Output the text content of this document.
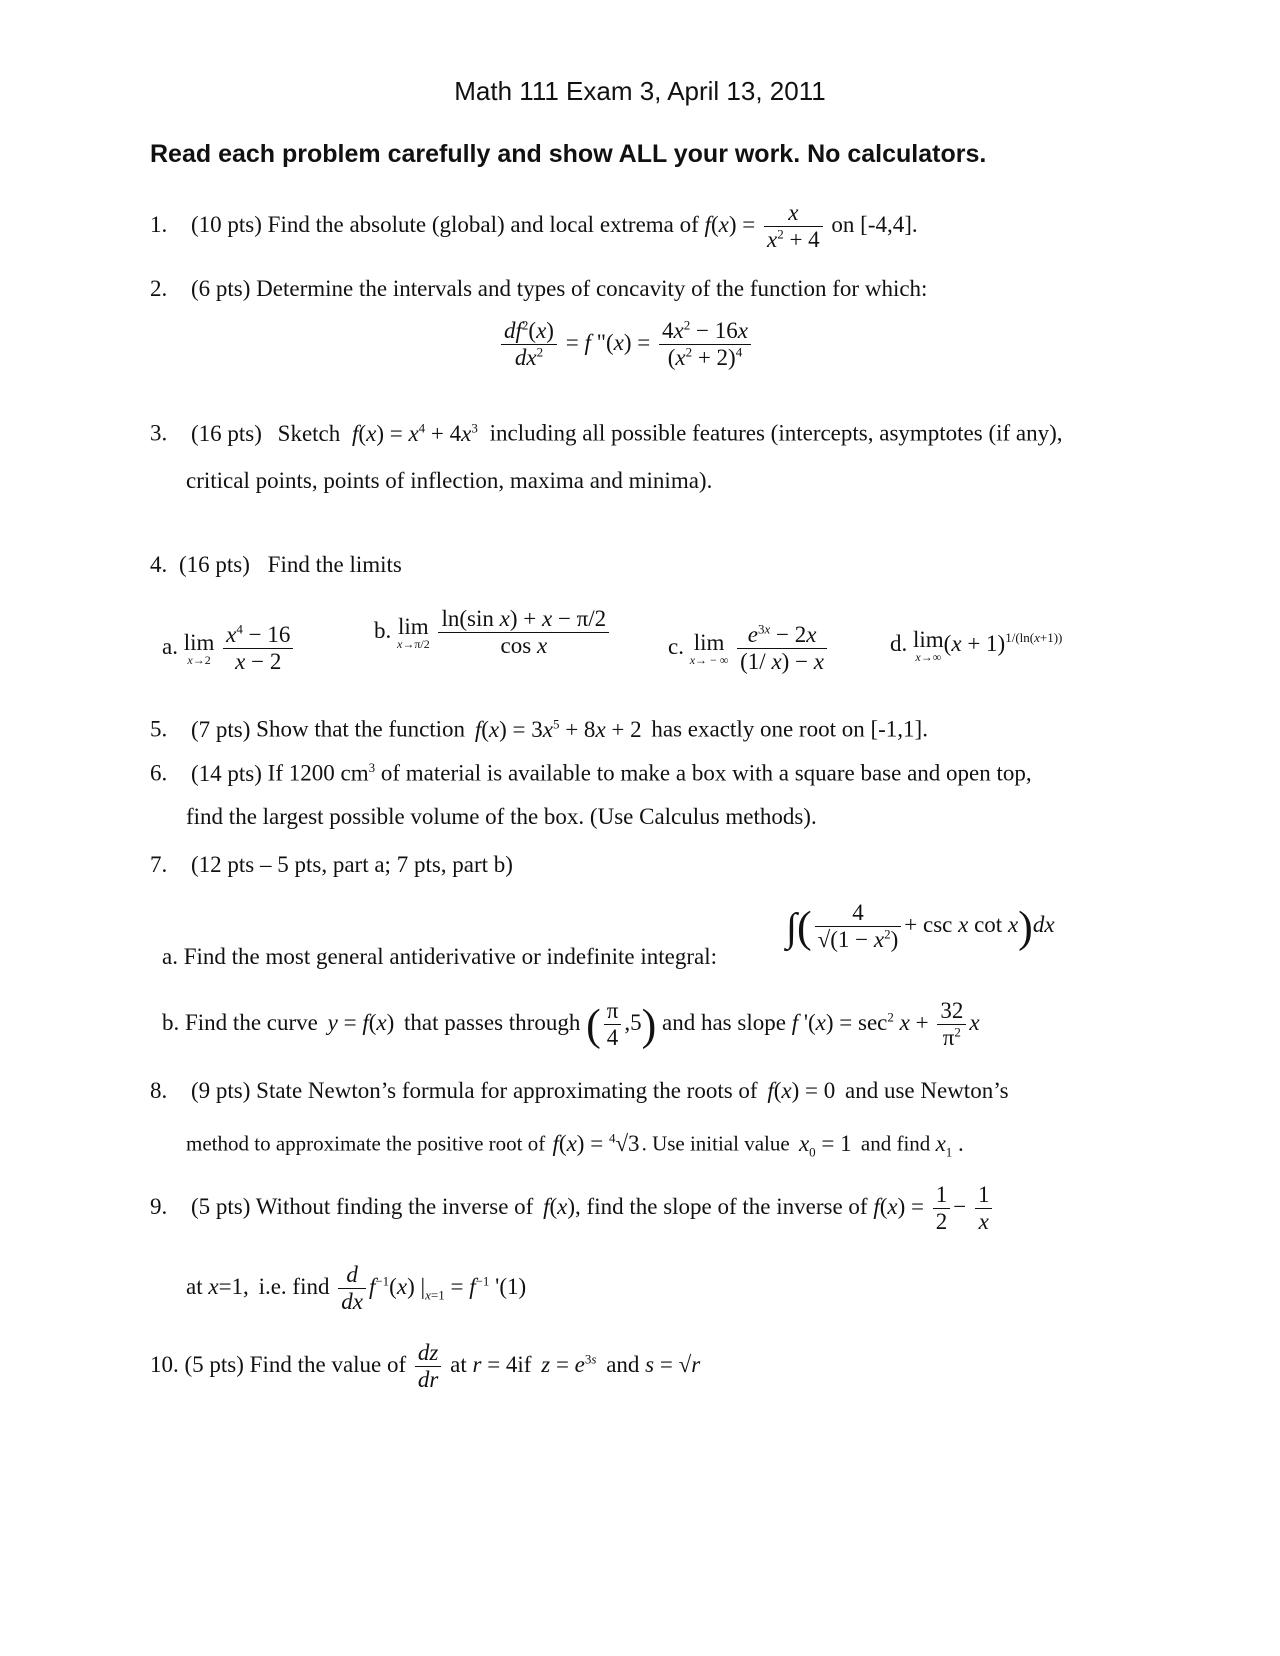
Math 111 Exam 3, April 13, 2011
Read each problem carefully and show ALL your work. No calculators.
1. (10 pts) Find the absolute (global) and local extrema of $f(x) = \frac{x}{x^2 + 4}$ on [-4,4].
2. (6 pts) Determine the intervals and types of concavity of the function for which:
$\frac{df^2(x)}{dx^2} = f$ "$(x) = \frac{4x^2 - 16x}{(x^2 + 2)^4}$
3. (16 pts) Sketch $f(x) = x^4 + 4x^3$ including all possible features (intercepts, asymptotes (if any),
critical points, points of inflection, maxima and minima).
4. (16 pts) Find the limits
a. lim
x→2
$\frac{x^4 - 16}{x - 2}$	b. lim
x→π/2
$\frac{\text{ln(sin x) + x − π/2}}{\text{cos x}}$	c. lim
x→ − ∞
$\frac{e^{3x} - 2x}{(1/ x) - x}$	d. lim
x→∞
$(x + 1)^{1/(ln(x+1))}$
5. (7 pts) Show that the function $f(x) = 3x^5 + 8x + 2$ has exactly one root on [-1,1].
6. (14 pts) If 1200 $cm^3$ of material is available to make a box with a square base and open top,
find the largest possible volume of the box. (Use Calculus methods).
7. (12 pts – 5 pts, part a; 7 pts, part b)
∫( $\frac{4}{√(1 - x^2)} + \csc x$ cot x)dx
a. Find the most general antiderivative or indefinite integral:
b. Find the curve y = f(x) that passes through ( $\frac{\pi}{4} ,5$) and has slope f '$(x) = \sec^2 x + \frac{32}{\pi^2}$ x
8. (9 pts) State Newton’s formula for approximating the roots of f(x) = 0 and use Newton’s
method to approximate the positive root of f(x) = $^4$√3. Use initial value $x_0 = 1$ and find $x_1$ .
9. (5 pts) Without finding the inverse of f(x), find the slope of the inverse of $f(x) = \frac{1}{2} - \frac{1}{x}$
at x=1, i.e. find $\frac{d}{dx} f^{-1}(x) |_{x=1} = f^{-1}$ '(1)
10. (5 pts) Find the value of $\frac{dz}{dr}$ at r = 4if $z = e^{3s}$ and s = √r
